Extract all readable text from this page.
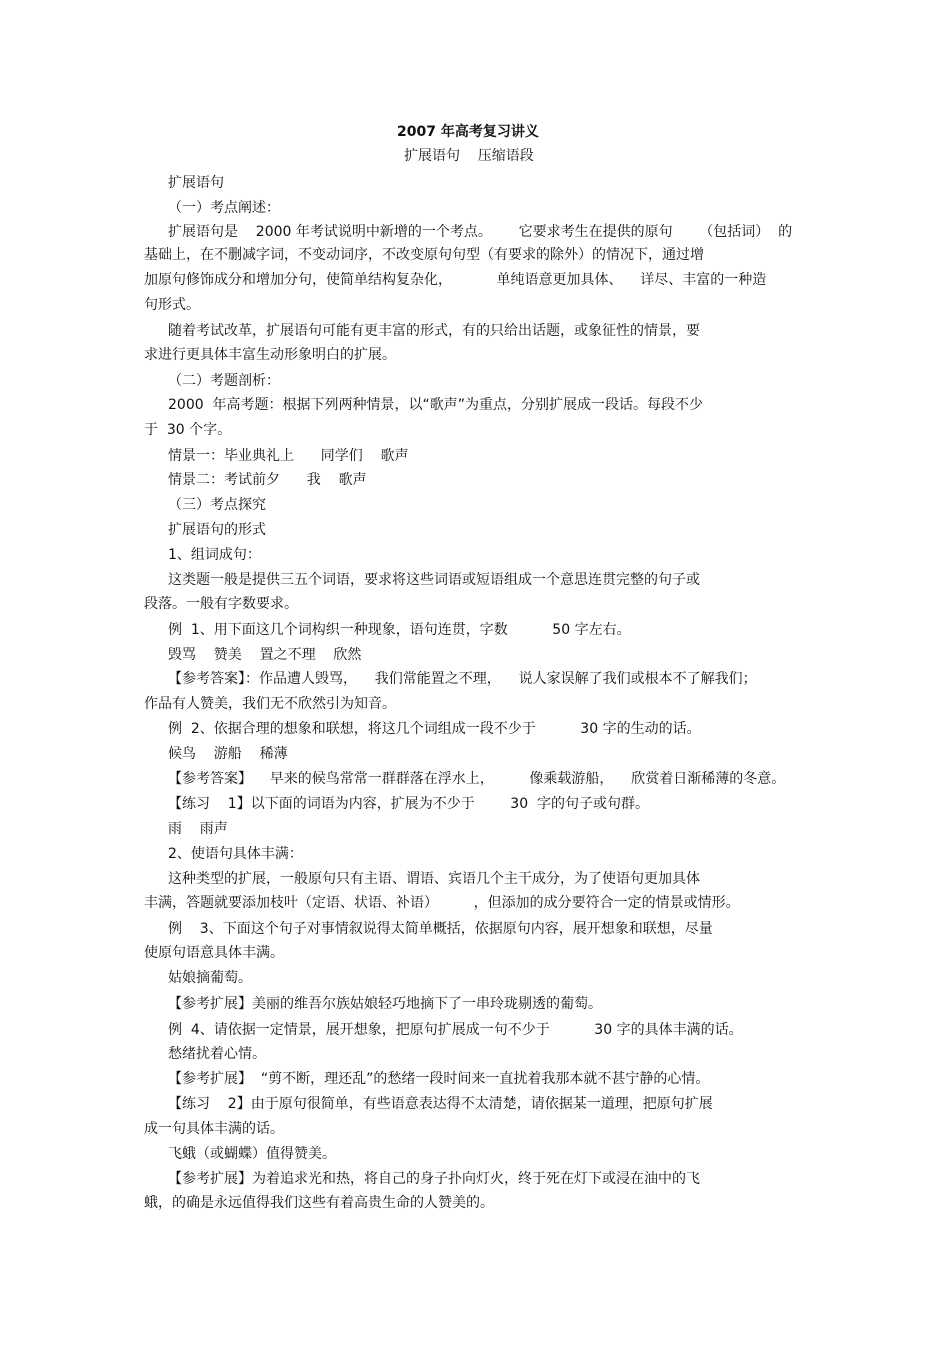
2007 年高考复习讲义

扩展语句    压缩语段

扩展语句

（一）考点阐述：

扩展语句是    2000 年考试说明中新增的一个考点。      它要求考生在提供的原句      （包括词）  的

基础上，在不删减字词，不变动词序，不改变原句句型（有要求的除外）的情况下，通过增

加原句修饰成分和增加分句，使简单结构复杂化，          单纯语意更加具体、    详尽、丰富的一种造

句形式。

随着考试改革，扩展语句可能有更丰富的形式，有的只给出话题，或象征性的情景，要

求进行更具体丰富生动形象明白的扩展。

（二）考题剖析：

2000  年高考题：根据下列两种情景，以“歌声”为重点，分别扩展成一段话。每段不少

于  30 个字。

情景一：毕业典礼上      同学们    歌声

情景二：考试前夕      我    歌声

（三）考点探究

扩展语句的形式

1、组词成句：

这类题一般是提供三五个词语，要求将这些词语或短语组成一个意思连贯完整的句子或

段落。一般有字数要求。

例  1、用下面这几个词构织一种现象，语句连贯，字数          50 字左右。

毁骂    赞美    置之不理    欣然

【参考答案】：作品遭人毁骂，    我们常能置之不理，    说人家误解了我们或根本不了解我们；

作品有人赞美，我们无不欣然引为知音。

例  2、依据合理的想象和联想，将这几个词组成一段不少于          30 字的生动的话。

候鸟    游船    稀薄

【参考答案】    早来的候鸟常常一群群落在浮水上，        像乘载游船，    欣赏着日渐稀薄的冬意。

【练习    1】以下面的词语为内容，扩展为不少于        30  字的句子或句群。

雨    雨声

2、使语句具体丰满：

这种类型的扩展，一般原句只有主语、谓语、宾语几个主干成分，为了使语句更加具体

丰满，答题就要添加枝叶（定语、状语、补语）        ，但添加的成分要符合一定的情景或情形。

例    3、下面这个句子对事情叙说得太简单概括，依据原句内容，展开想象和联想，尽量

使原句语意具体丰满。

姑娘摘葡萄。

【参考扩展】美丽的维吾尔族姑娘轻巧地摘下了一串玲珑剔透的葡萄。

例  4、请依据一定情景，展开想象，把原句扩展成一句不少于          30 字的具体丰满的话。

愁绪扰着心情。

【参考扩展】  “剪不断，理还乱”的愁绪一段时间来一直扰着我那本就不甚宁静的心情。

【练习    2】由于原句很简单，有些语意表达得不太清楚，请依据某一道理，把原句扩展

成一句具体丰满的话。

飞蛾（或蝴蝶）值得赞美。

【参考扩展】为着追求光和热，将自己的身子扑向灯火，终于死在灯下或浸在油中的飞

蛾，的确是永远值得我们这些有着高贵生命的人赞美的。
